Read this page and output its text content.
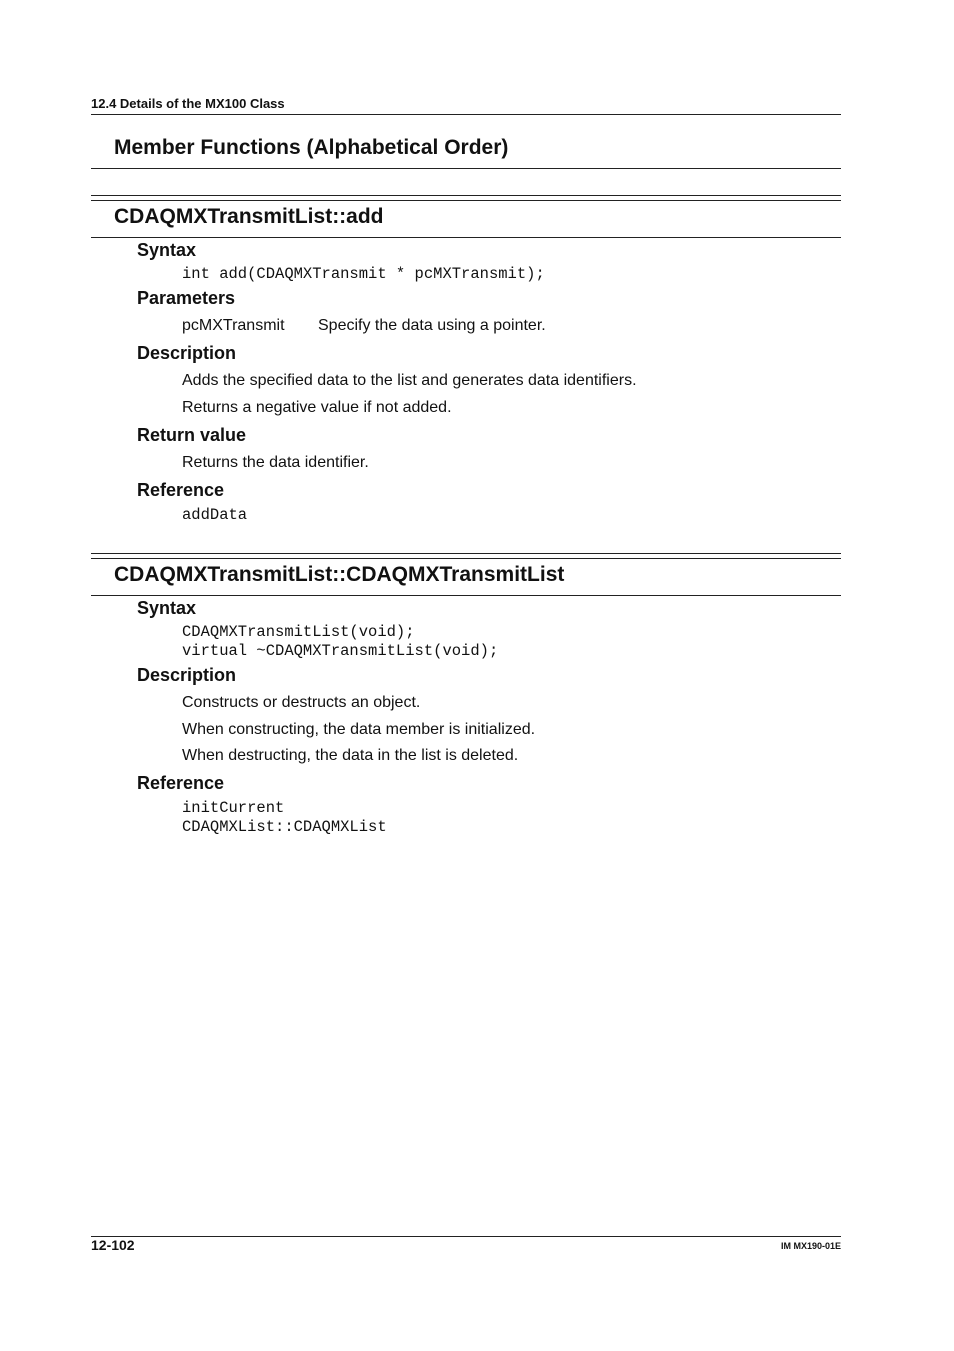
12.4 Details of the MX100 Class
Member Functions (Alphabetical Order)
CDAQMXTransmitList::add
Syntax
int add(CDAQMXTransmit * pcMXTransmit);
Parameters
pcMXTransmit Specify the data using a pointer.
Description
Adds the specified data to the list and generates data identifiers.
Returns a negative value if not added.
Return value
Returns the data identifier.
Reference
addData
CDAQMXTransmitList::CDAQMXTransmitList
Syntax
CDAQMXTransmitList(void);
virtual ~CDAQMXTransmitList(void);
Description
Constructs or destructs an object.
When constructing, the data member is initialized.
When destructing, the data in the list is deleted.
Reference
initCurrent
CDAQMXList::CDAQMXList
12-102	IM MX190-01E
